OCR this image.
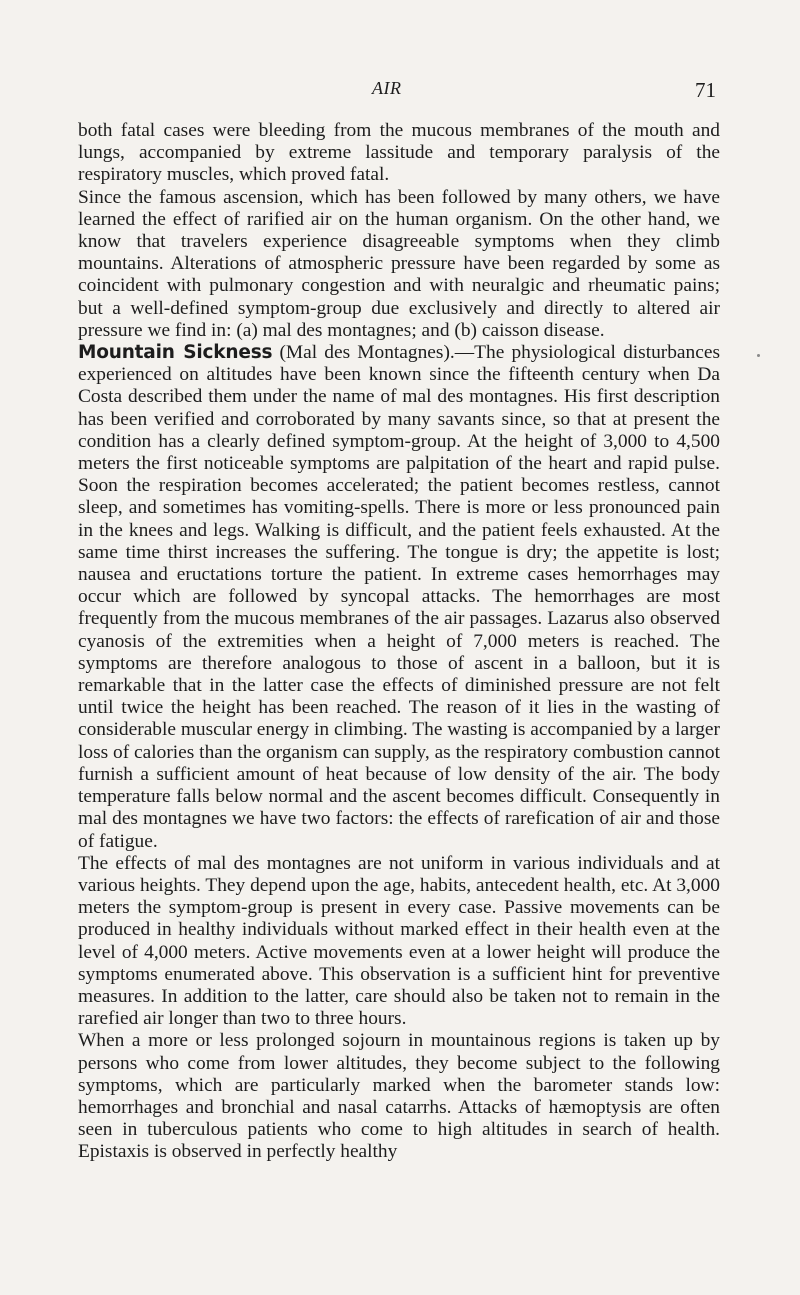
AIR	71

both fatal cases were bleeding from the mucous membranes of the mouth and lungs, accompanied by extreme lassitude and temporary paralysis of the respiratory muscles, which proved fatal.

Since the famous ascension, which has been followed by many others, we have learned the effect of rarified air on the human organism. On the other hand, we know that travelers experience disagreeable symptoms when they climb mountains. Alterations of atmospheric pressure have been regarded by some as coincident with pulmonary congestion and with neuralgic and rheumatic pains; but a well-defined symptom-group due exclusively and directly to altered air pressure we find in: (a) mal des montagnes; and (b) caisson disease.

Mountain Sickness (Mal des Montagnes).—The physiological disturbances experienced on altitudes have been known since the fifteenth century when Da Costa described them under the name of mal des montagnes. His first description has been verified and corroborated by many savants since, so that at present the condition has a clearly defined symptom-group. At the height of 3,000 to 4,500 meters the first noticeable symptoms are palpitation of the heart and rapid pulse. Soon the respiration becomes accelerated; the patient becomes restless, cannot sleep, and sometimes has vomiting-spells. There is more or less pronounced pain in the knees and legs. Walking is difficult, and the patient feels exhausted. At the same time thirst increases the suffering. The tongue is dry; the appetite is lost; nausea and eructations torture the patient. In extreme cases hemorrhages may occur which are followed by syncopal attacks. The hemorrhages are most frequently from the mucous membranes of the air passages. Lazarus also observed cyanosis of the extremities when a height of 7,000 meters is reached. The symptoms are therefore analogous to those of ascent in a balloon, but it is remarkable that in the latter case the effects of diminished pressure are not felt until twice the height has been reached. The reason of it lies in the wasting of considerable muscular energy in climbing. The wasting is accompanied by a larger loss of calories than the organism can supply, as the respiratory combustion cannot furnish a sufficient amount of heat because of low density of the air. The body temperature falls below normal and the ascent becomes difficult. Consequently in mal des montagnes we have two factors: the effects of rarefication of air and those of fatigue.

The effects of mal des montagnes are not uniform in various individuals and at various heights. They depend upon the age, habits, antecedent health, etc. At 3,000 meters the symptom-group is present in every case. Passive movements can be produced in healthy individuals without marked effect in their health even at the level of 4,000 meters. Active movements even at a lower height will produce the symptoms enumerated above. This observation is a sufficient hint for preventive measures. In addition to the latter, care should also be taken not to remain in the rarefied air longer than two to three hours.

When a more or less prolonged sojourn in mountainous regions is taken up by persons who come from lower altitudes, they become subject to the following symptoms, which are particularly marked when the barometer stands low: hemorrhages and bronchial and nasal catarrhs. Attacks of hæmoptysis are often seen in tuberculous patients who come to high altitudes in search of health. Epistaxis is observed in perfectly healthy
